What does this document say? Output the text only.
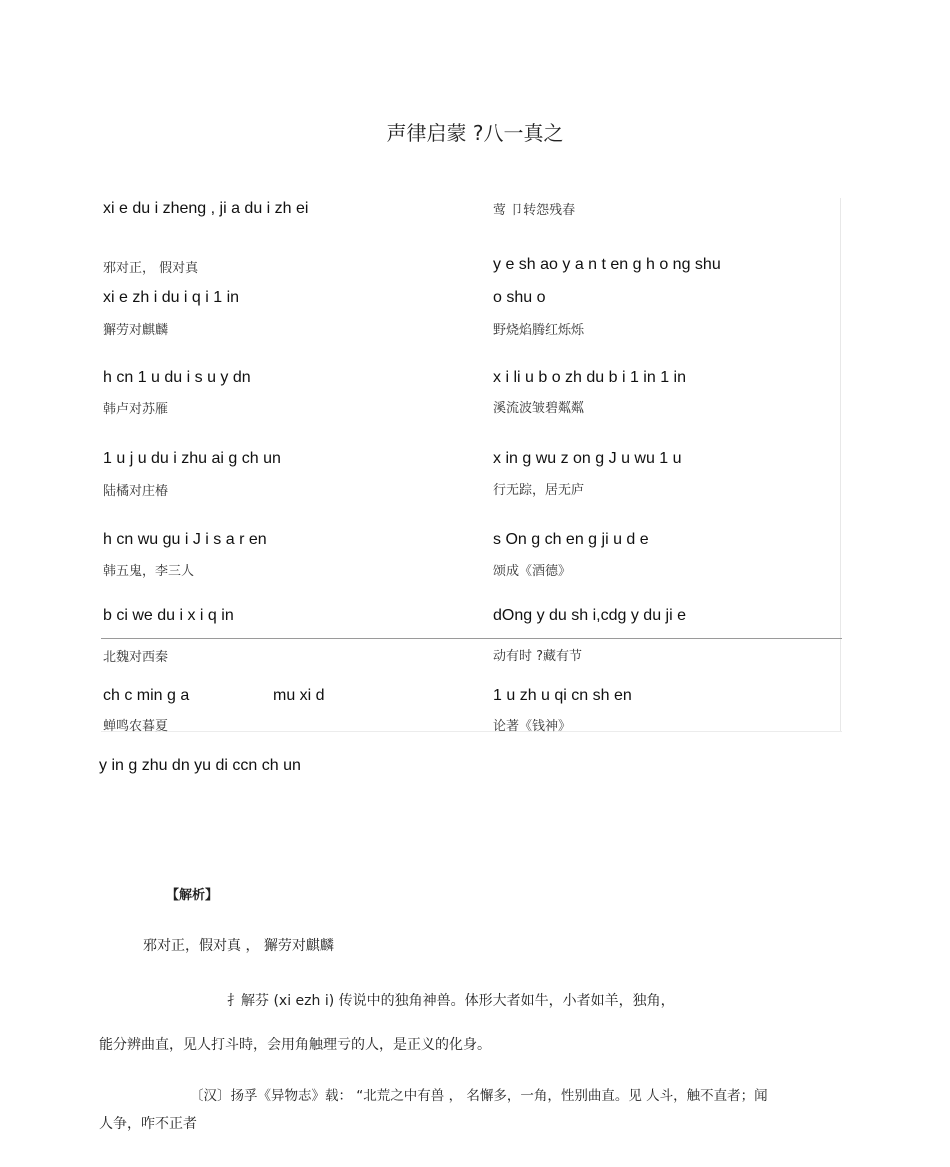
声律启蒙 ?八一真之
xi e du i zheng , ji a du i zh ei
邪对正， 假对真
xi e zh i du i q i 1 in
獬劳对麒麟
h cn 1 u du i s u y dn
韩卢对苏雁
1 u j u du i zhu ai g ch un
陆橘对庄椿
h cn wu gu i J i s a r en
韩五鬼，李三人
b ci we du i x i q in
北魏对西秦
ch c min g a	mu xi d
蝉鸣农暮夏
莺 卩转怨残春
y e sh ao y a n t en g h o ng shu
o shu o
野烧焰腾红烁烁
x i li u b o zh du b i 1 in 1 in
溪流波皱碧粼粼
x in g wu z on g J u wu 1 u
行无踪，居无庐
s On g ch en g ji u d e
颂成《酒德》
dOng y du sh i,cdg y du ji e
动有时 ?藏有节
1 u zh u qi cn sh en
论著《钱神》
y in g zhu dn yu di ccn ch un
【解析】
邪对正，假对真 ， 獬劳对麒麟
扌解芬 (xi ezh i) 传说中的独角神兽。体形大者如牛，小者如羊，独角，
能分辨曲直，见人打斗時，会用角触理亏的人，是正义的化身。
〔汉〕扬孚《异物志》载： “北荒之中有兽 ， 名懈多，一角，性别曲直。见 人斗，触不直者；闻
人争，咋不正者
